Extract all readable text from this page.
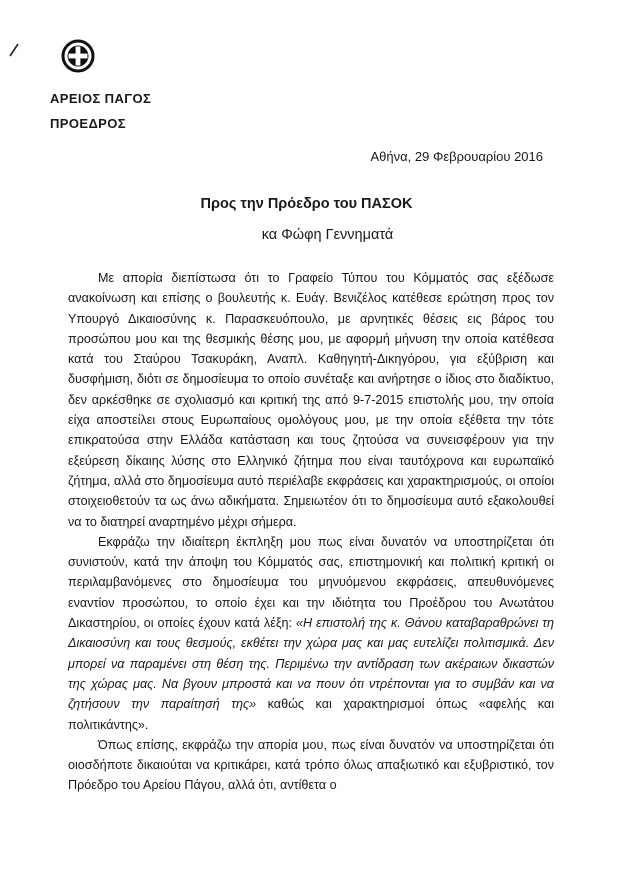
ΑΡΕΙΟΣ ΠΑΓΟΣ
ΠΡΟΕΔΡΟΣ
Αθήνα, 29 Φεβρουαρίου 2016
Προς την Πρόεδρο του ΠΑΣΟΚ
κα Φώφη Γεννηματά

Με απορία διεπίστωσα ότι το Γραφείο Τύπου του Κόμματός σας εξέδωσε ανακοίνωση και επίσης ο βουλευτής κ. Ευάγ. Βενιζέλος κατέθεσε ερώτηση προς τον Υπουργό Δικαιοσύνης κ. Παρασκευόπουλο, με αρνητικές θέσεις εις βάρος του προσώπου μου και της θεσμικής θέσης μου, με αφορμή μήνυση την οποία κατέθεσα κατά του Σταύρου Τσακυράκη, Αναπλ. Καθηγητή-Δικηγόρου, για εξύβριση και δυσφήμιση, διότι σε δημοσίευμα το οποίο συνέταξε και ανήρτησε ο ίδιος στο διαδίκτυο, δεν αρκέσθηκε σε σχολιασμό και κριτική της από 9-7-2015 επιστολής μου, την οποία είχα αποστείλει στους Ευρωπαίους ομολόγους μου, με την οποία εξέθετα την τότε επικρατούσα στην Ελλάδα κατάσταση και τους ζητούσα να συνεισφέρουν για την εξεύρεση δίκαιης λύσης στο Ελληνικό ζήτημα που είναι ταυτόχρονα και ευρωπαϊκό ζήτημα, αλλά στο δημοσίευμα αυτό περιέλαβε εκφράσεις και χαρακτηρισμούς, οι οποίοι στοιχειοθετούν τα ως άνω αδικήματα. Σημειωτέον ότι το δημοσίευμα αυτό εξακολουθεί να το διατηρεί αναρτημένο μέχρι σήμερα.

Εκφράζω την ιδιαίτερη έκπληξη μου πως είναι δυνατόν να υποστηρίζεται ότι συνιστούν, κατά την άποψη του Κόμματός σας, επιστημονική και πολιτική κριτική οι περιλαμβανόμενες στο δημοσίευμα του μηνυόμενου εκφράσεις, απευθυνόμενες εναντίον προσώπου, το οποίο έχει και την ιδιότητα του Προέδρου του Ανωτάτου Δικαστηρίου, οι οποίες έχουν κατά λέξη: «Η επιστολή της κ. Θάνου καταβαραθρώνει τη Δικαιοσύνη και τους θεσμούς, εκθέτει την χώρα μας και μας ευτελίζει πολιτισμικά. Δεν μπορεί να παραμένει στη θέση της. Περιμένω την αντίδραση των ακέραιων δικαστών της χώρας μας. Να βγουν μπροστά και να πουν ότι ντρέπονται για το συμβάν και να ζητήσουν την παραίτησή της» καθώς και χαρακτηρισμοί όπως «αφελής και πολιτικάντης».

Όπως επίσης, εκφράζω την απορία μου, πως είναι δυνατόν να υποστηρίζεται ότι οιοσδήποτε δικαιούται να κριτικάρει, κατά τρόπο όλως απαξιωτικό και εξυβριστικό, τον Πρόεδρο του Αρείου Πάγου, αλλά ότι, αντίθετα ο
